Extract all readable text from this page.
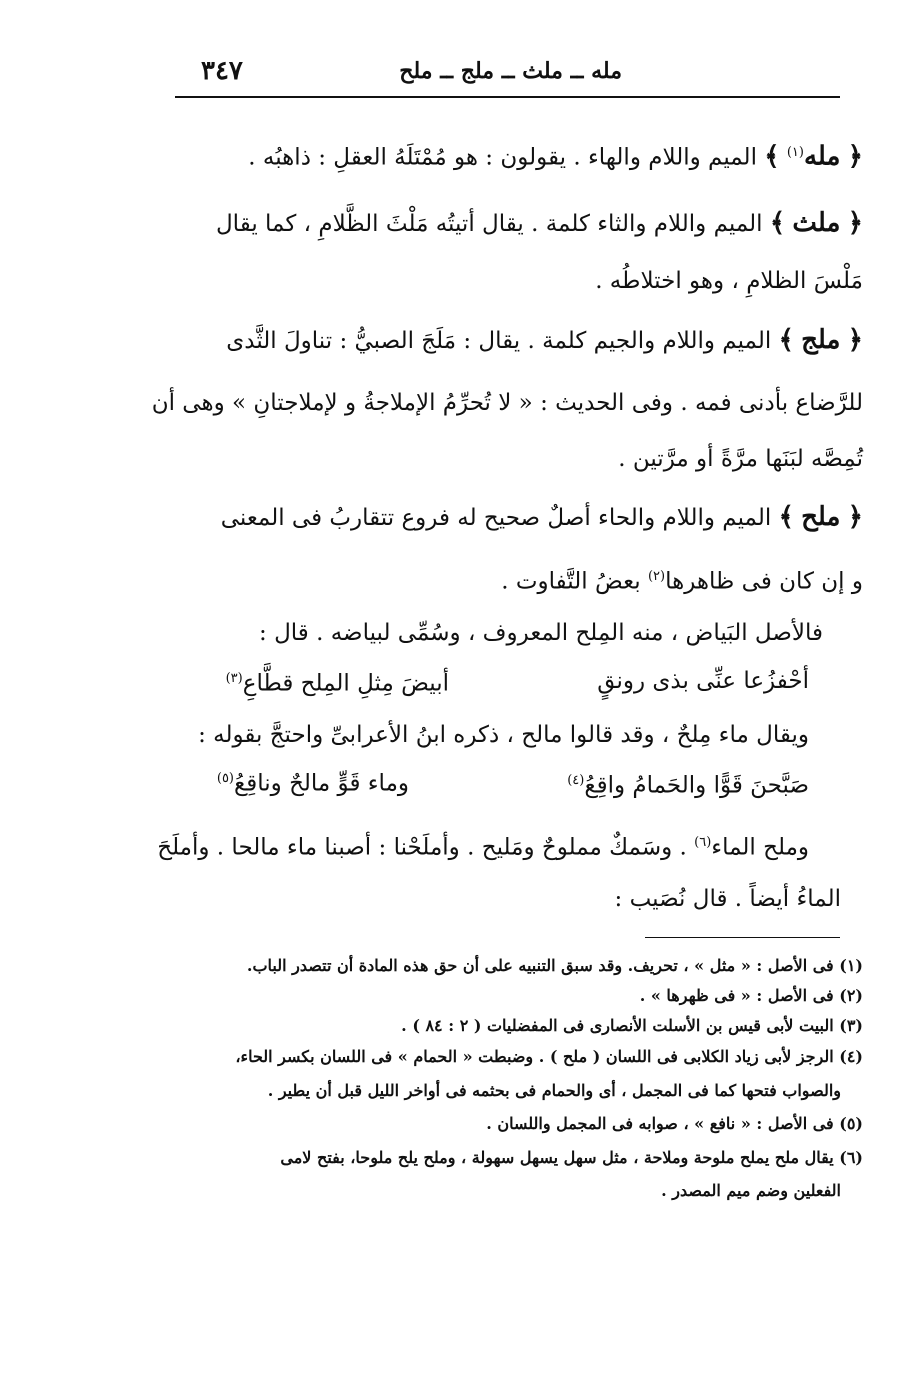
مله ــ ملث ــ ملج ــ ملح
٣٤٧
﴿ مله$^{(١)}$ ﴾ الميم واللام والهاء . يقولون : هو مُمْتَلَهُ العقلِ : ذاهبُه .
﴿ ملث ﴾ الميم واللام والثاء كلمة . يقال أتيتُه مَلْثَ الظَّلامِ ، كما يقال
مَلْسَ الظلامِ ، وهو اختلاطُه .
﴿ ملج ﴾ الميم واللام والجيم كلمة . يقال : مَلَجَ الصبيُّ : تناولَ الثَّدى
للرَّضاع بأدنى فمه . وفى الحديث : « لا تُحرِّمُ الإملاجةُ و لإملاجتانِ » وهى أن
تُمِصَّه لبَنَها مرَّةً أو مرَّتين .
﴿ ملح ﴾ الميم واللام والحاء أصلٌ صحيح له فروع تتقاربُ فى المعنى
و إن كان فى ظاهرها$^{(٢)}$ بعضُ التَّفاوت .
فالأصل البَياض ، منه المِلح المعروف ، وسُمِّى لبياضه . قال :
أحْفزُعا عنِّى بذى رونقٍ
أبيضَ مِثلِ المِلح قطَّاعِ$^{(٣)}$
ويقال ماء مِلحٌ ، وقد قالوا مالح ، ذكره ابنُ الأعرابىِّ واحتجَّ بقوله :
صَبَّحنَ قَوًّا والحَمامُ واقِعُ$^{(٤)}$
وماء قَوٍّ مالحٌ وناقِعُ$^{(٥)}$
وملح الماء$^{(٦)}$ . وسَمكٌ مملوحٌ ومَليح . وأملَحْنا : أصبنا ماء مالحا . وأملَحَ
الماءُ أيضاً . قال نُصَيب :
(١) فى الأصل : « مثل » ، تحريف. وقد سبق التنبيه على أن حق هذه المادة أن تتصدر الباب.
(٢) فى الأصل : « فى ظهرها » .
(٣) البيت لأبى قيس بن الأسلت الأنصارى فى المفضليات ( ٢ : ٨٤ ) .
(٤) الرجز لأبى زياد الكلابى فى اللسان ( ملح ) . وضبطت « الحمام » فى اللسان بكسر الحاء،
والصواب فتحها كما فى المجمل ، أى والحمام فى بحثمه فى أواخر الليل قبل أن يطير .
(٥) فى الأصل : « نافع » ، صوابه فى المجمل واللسان .
(٦) يقال ملح يملح ملوحة وملاحة ، مثل سهل يسهل سهولة ، وملح يلح ملوحا، بفتح لامى
الفعلين وضم ميم المصدر .
